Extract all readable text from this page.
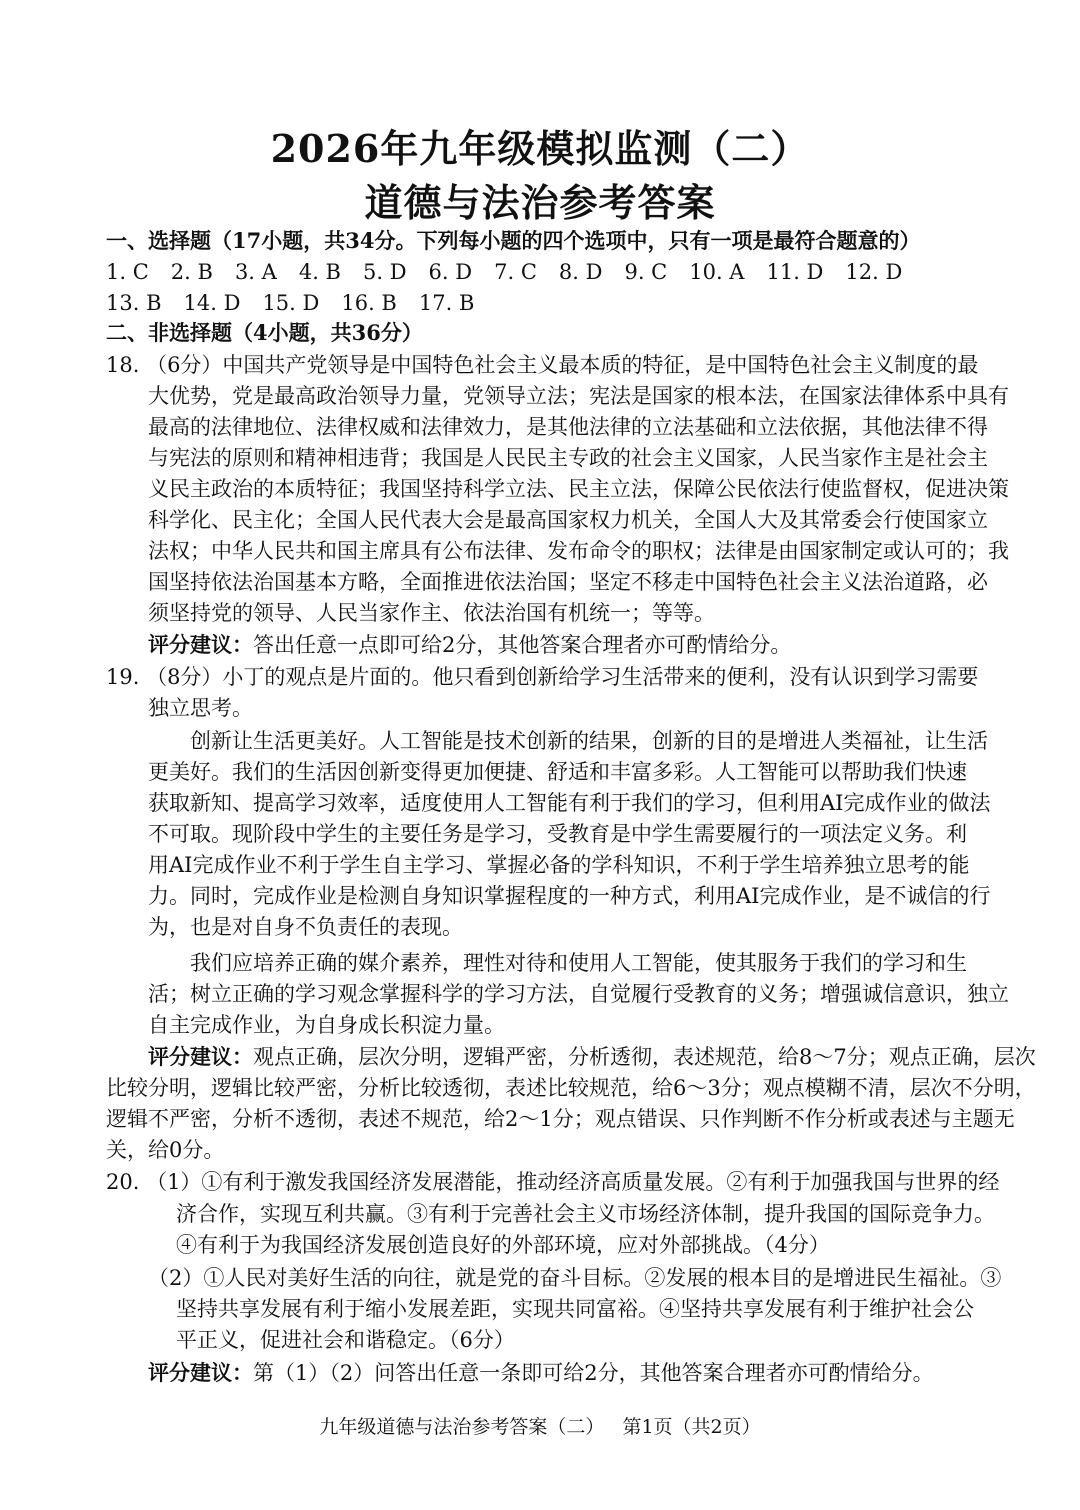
2026年九年级模拟监测（二）
道德与法治参考答案
一、选择题（17小题，共34分。下列每小题的四个选项中，只有一项是最符合题意的）
1. C 2. B 3. A 4. B 5. D 6. D 7. C 8. D 9. C 10. A 11. D 12. D
13. B 14. D 15. D 16. B 17. B
二、非选择题（4小题，共36分）
18. （6分）中国共产党领导是中国特色社会主义最本质的特征，是中国特色社会主义制度的最
大优势，党是最高政治领导力量，党领导立法；宪法是国家的根本法，在国家法律体系中具有
最高的法律地位、法律权威和法律效力，是其他法律的立法基础和立法依据，其他法律不得
与宪法的原则和精神相违背；我国是人民民主专政的社会主义国家，人民当家作主是社会主
义民主政治的本质特征；我国坚持科学立法、民主立法，保障公民依法行使监督权，促进决策
科学化、民主化；全国人民代表大会是最高国家权力机关，全国人大及其常委会行使国家立
法权；中华人民共和国主席具有公布法律、发布命令的职权；法律是由国家制定或认可的；我
国坚持依法治国基本方略，全面推进依法治国；坚定不移走中国特色社会主义法治道路，必
须坚持党的领导、人民当家作主、依法治国有机统一；等等。
评分建议：答出任意一点即可给2分，其他答案合理者亦可酌情给分。
19. （8分）小丁的观点是片面的。他只看到创新给学习生活带来的便利，没有认识到学习需要
独立思考。
创新让生活更美好。人工智能是技术创新的结果，创新的目的是增进人类福祉，让生活
更美好。我们的生活因创新变得更加便捷、舒适和丰富多彩。人工智能可以帮助我们快速
获取新知、提高学习效率，适度使用人工智能有利于我们的学习，但利用AI完成作业的做法
不可取。现阶段中学生的主要任务是学习，受教育是中学生需要履行的一项法定义务。利
用AI完成作业不利于学生自主学习、掌握必备的学科知识，不利于学生培养独立思考的能
力。同时，完成作业是检测自身知识掌握程度的一种方式，利用AI完成作业，是不诚信的行
为，也是对自身不负责任的表现。
我们应培养正确的媒介素养，理性对待和使用人工智能，使其服务于我们的学习和生
活；树立正确的学习观念掌握科学的学习方法，自觉履行受教育的义务；增强诚信意识，独立
自主完成作业，为自身成长积淀力量。
评分建议：观点正确，层次分明，逻辑严密，分析透彻，表述规范，给8～7分；观点正确，层次
比较分明，逻辑比较严密，分析比较透彻，表述比较规范，给6～3分；观点模糊不清，层次不分明，
逻辑不严密，分析不透彻，表述不规范，给2～1分；观点错误、只作判断不作分析或表述与主题无
关，给0分。
20. （1）①有利于激发我国经济发展潜能，推动经济高质量发展。②有利于加强我国与世界的经
济合作，实现互利共赢。③有利于完善社会主义市场经济体制，提升我国的国际竞争力。
④有利于为我国经济发展创造良好的外部环境，应对外部挑战。（4分）
（2）①人民对美好生活的向往，就是党的奋斗目标。②发展的根本目的是增进民生福祉。③
坚持共享发展有利于缩小发展差距，实现共同富裕。④坚持共享发展有利于维护社会公
平正义，促进社会和谐稳定。（6分）
评分建议：第（1）（2）问答出任意一条即可给2分，其他答案合理者亦可酌情给分。
九年级道德与法治参考答案（二）   第1页（共2页）
